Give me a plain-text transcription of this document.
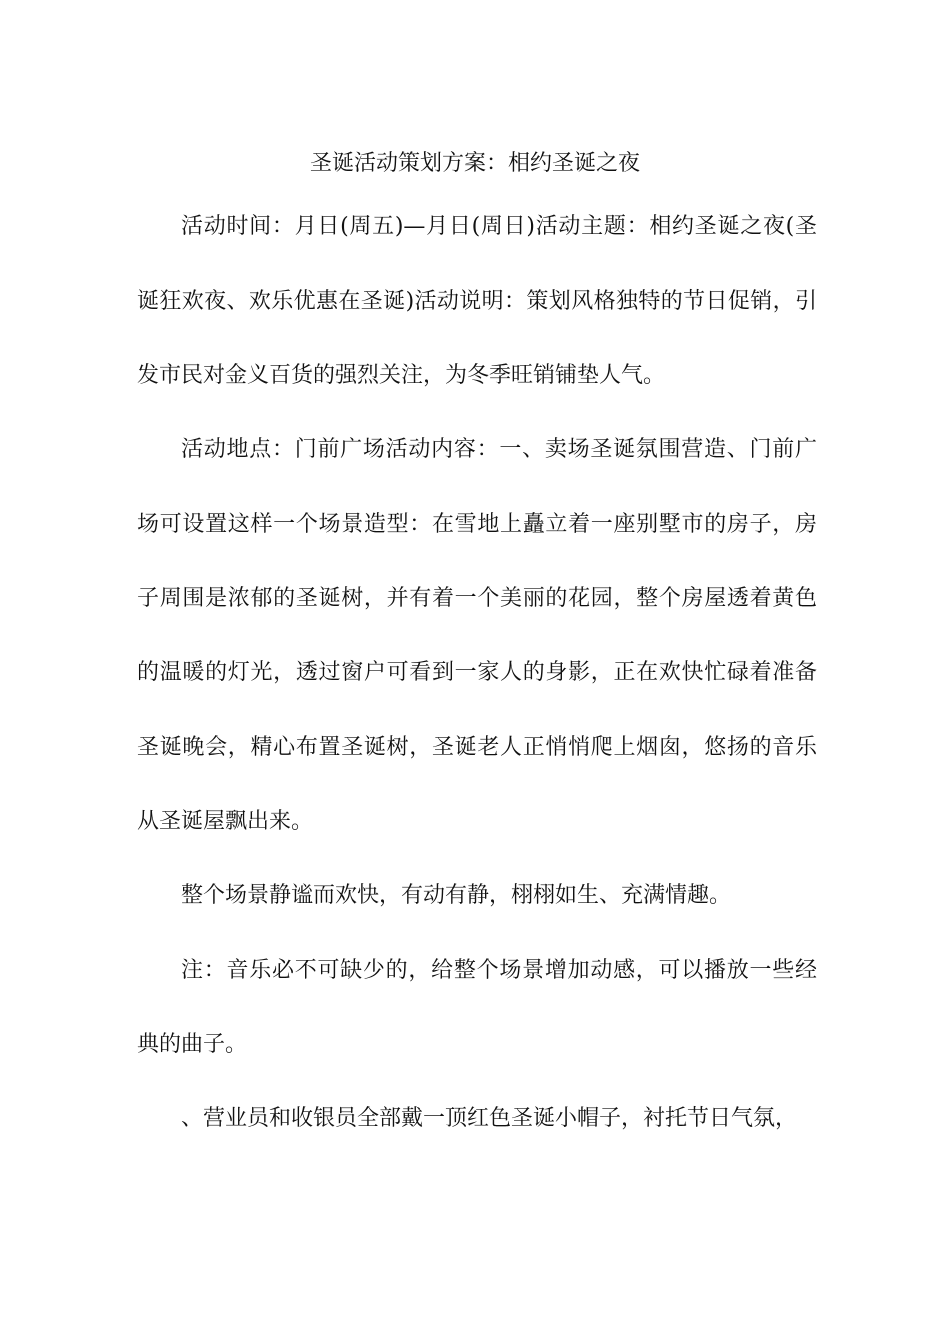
圣诞活动策划方案：相约圣诞之夜
活动时间：月日(周五)—月日(周日)活动主题：相约圣诞之夜(圣
诞狂欢夜、欢乐优惠在圣诞)活动说明：策划风格独特的节日促销，引
发市民对金义百货的强烈关注，为冬季旺销铺垫人气。
活动地点：门前广场活动内容：一、卖场圣诞氛围营造、门前广
场可设置这样一个场景造型：在雪地上矗立着一座别墅市的房子，房
子周围是浓郁的圣诞树，并有着一个美丽的花园，整个房屋透着黄色
的温暖的灯光，透过窗户可看到一家人的身影，正在欢快忙碌着准备
圣诞晚会，精心布置圣诞树，圣诞老人正悄悄爬上烟囱，悠扬的音乐
从圣诞屋飘出来。
整个场景静谧而欢快，有动有静，栩栩如生、充满情趣。
注：音乐必不可缺少的，给整个场景增加动感，可以播放一些经
典的曲子。
、营业员和收银员全部戴一顶红色圣诞小帽子，衬托节日气氛，
